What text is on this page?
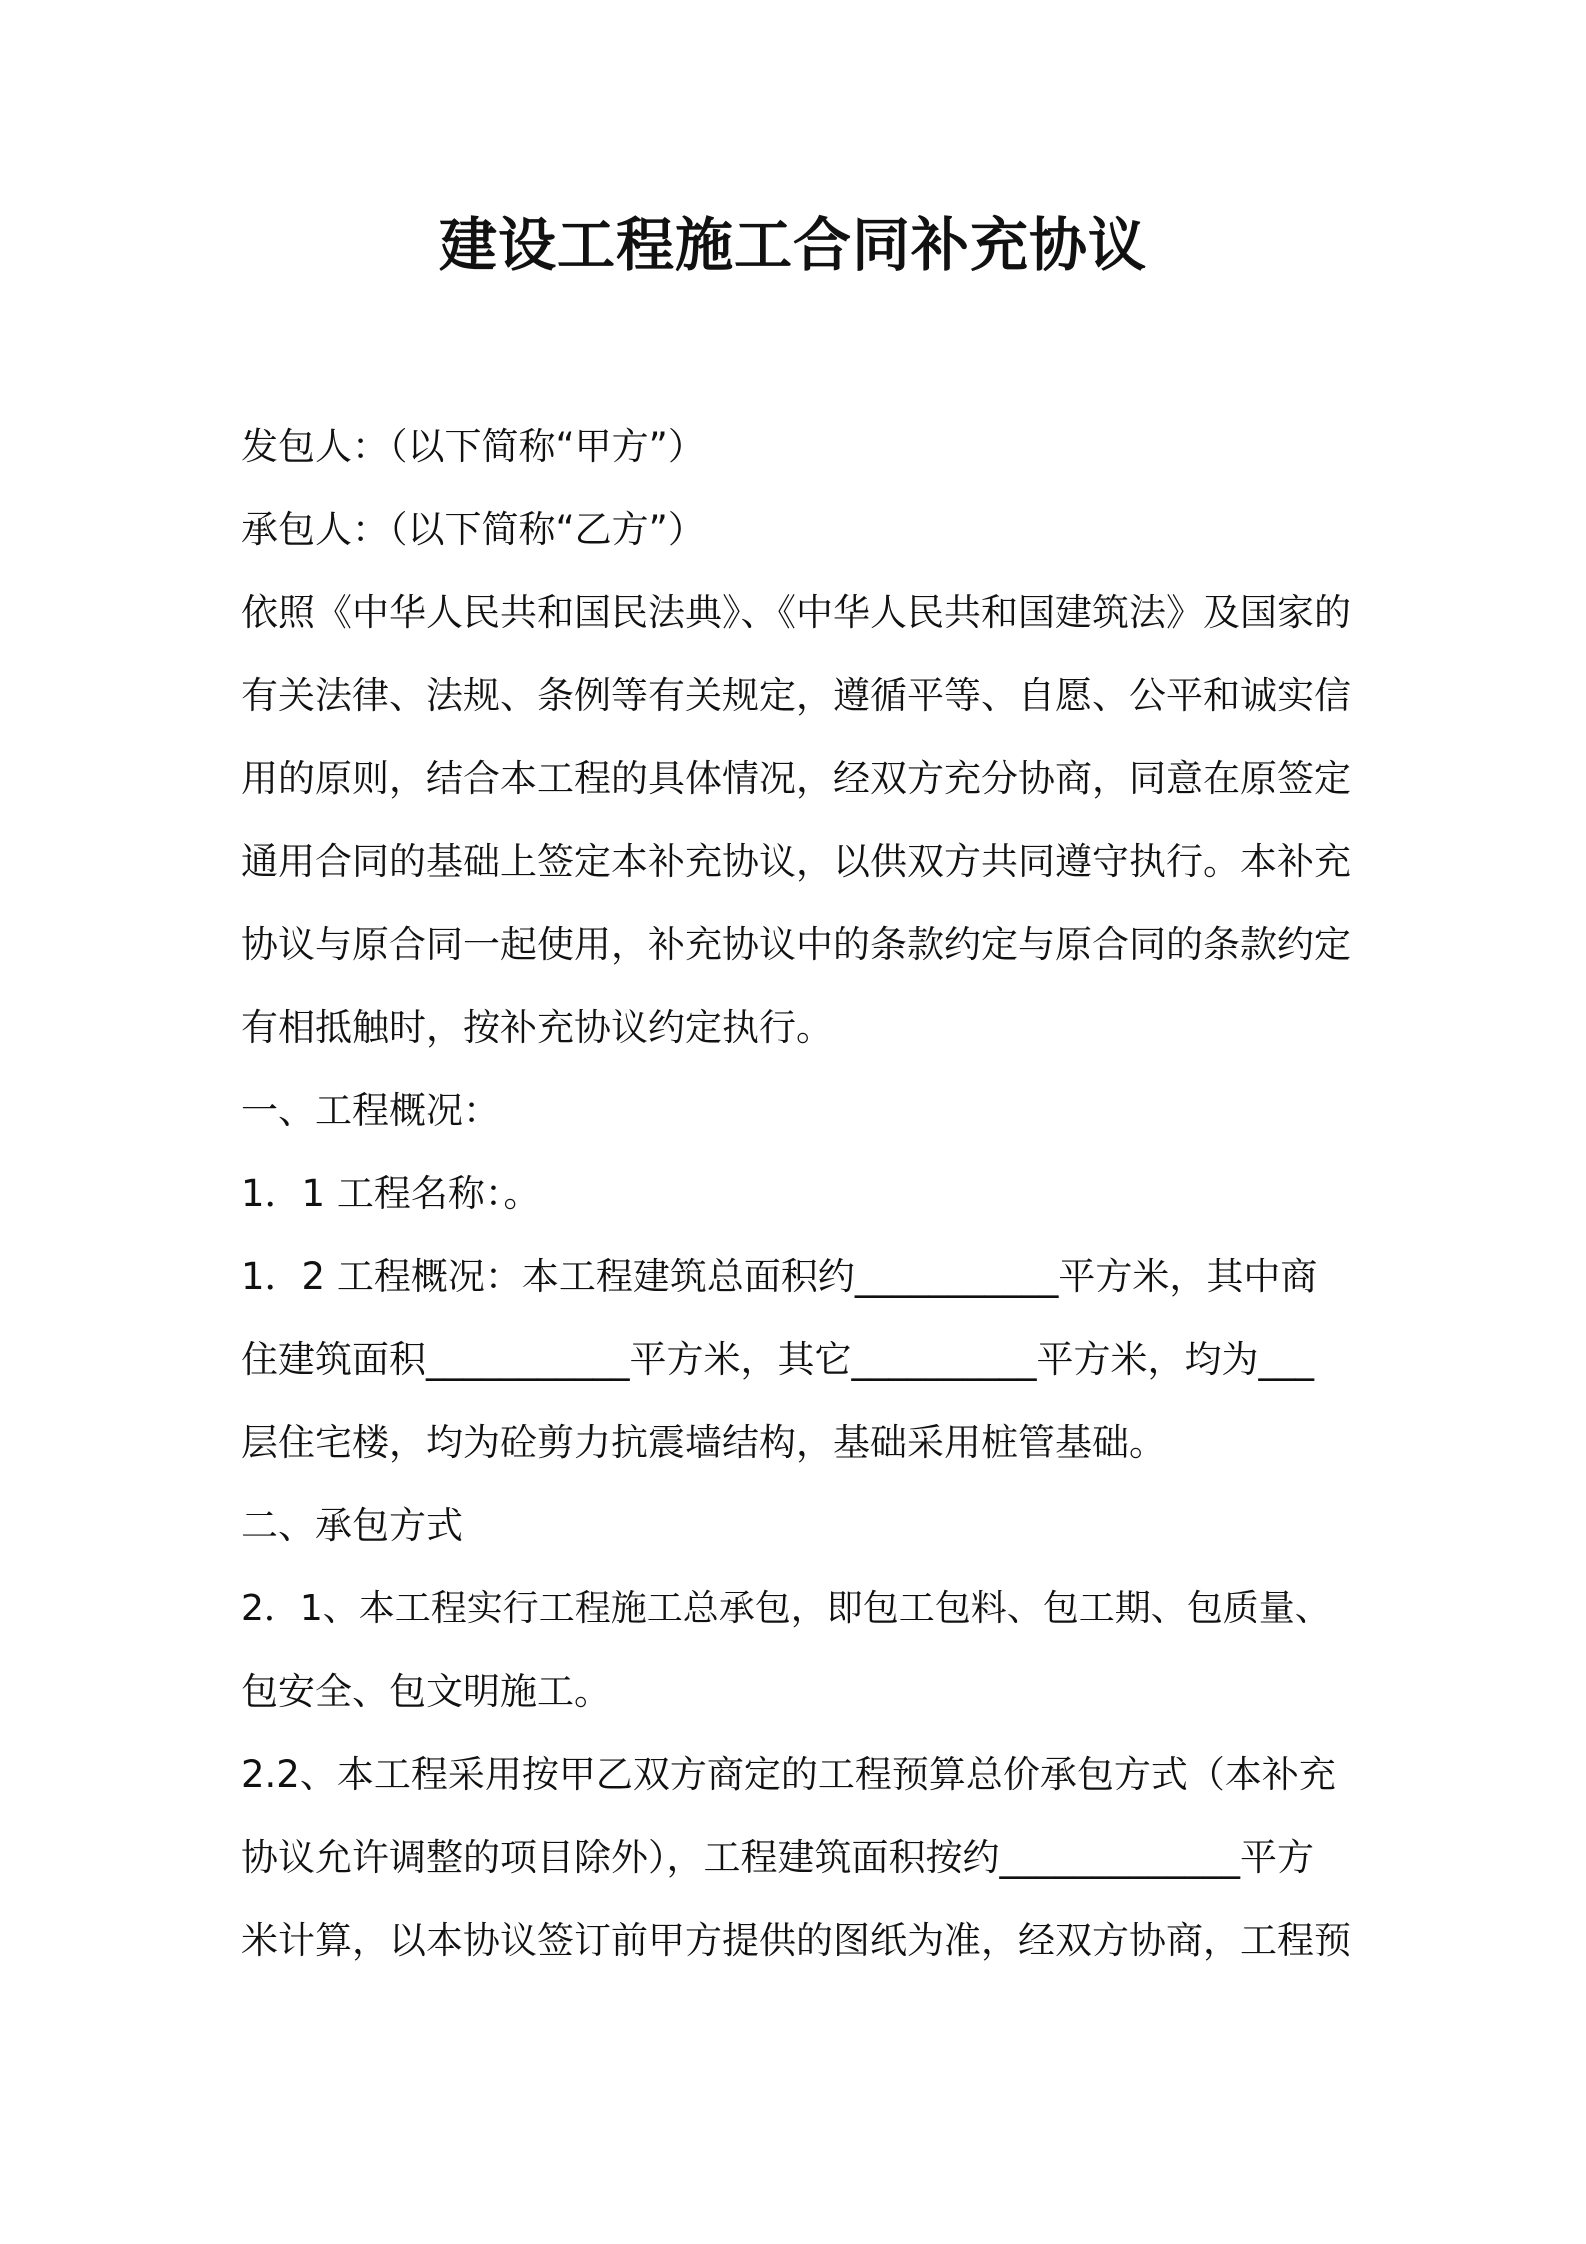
建设工程施工合同补充协议
发包人：（以下简称“甲方”）
承包人：（以下简称“乙方”）
依照《中华人民共和国民法典》、《中华人民共和国建筑法》及国家的
有关法律、法规、条例等有关规定，遵循平等、自愿、公平和诚实信
用的原则，结合本工程的具体情况，经双方充分协商，同意在原签定
通用合同的基础上签定本补充协议，以供双方共同遵守执行。本补充
协议与原合同一起使用，补充协议中的条款约定与原合同的条款约定
有相抵触时，按补充协议约定执行。
一、工程概况：
1．1 工程名称：。
1．2 工程概况：本工程建筑总面积约___________平方米，其中商
住建筑面积___________平方米，其它__________平方米，均为___
层住宅楼，均为砼剪力抗震墙结构，基础采用桩管基础。
二、承包方式
2．1、本工程实行工程施工总承包，即包工包料、包工期、包质量、
包安全、包文明施工。
2.2、本工程采用按甲乙双方商定的工程预算总价承包方式（本补充
协议允许调整的项目除外），工程建筑面积按约_____________平方
米计算，以本协议签订前甲方提供的图纸为准，经双方协商，工程预
